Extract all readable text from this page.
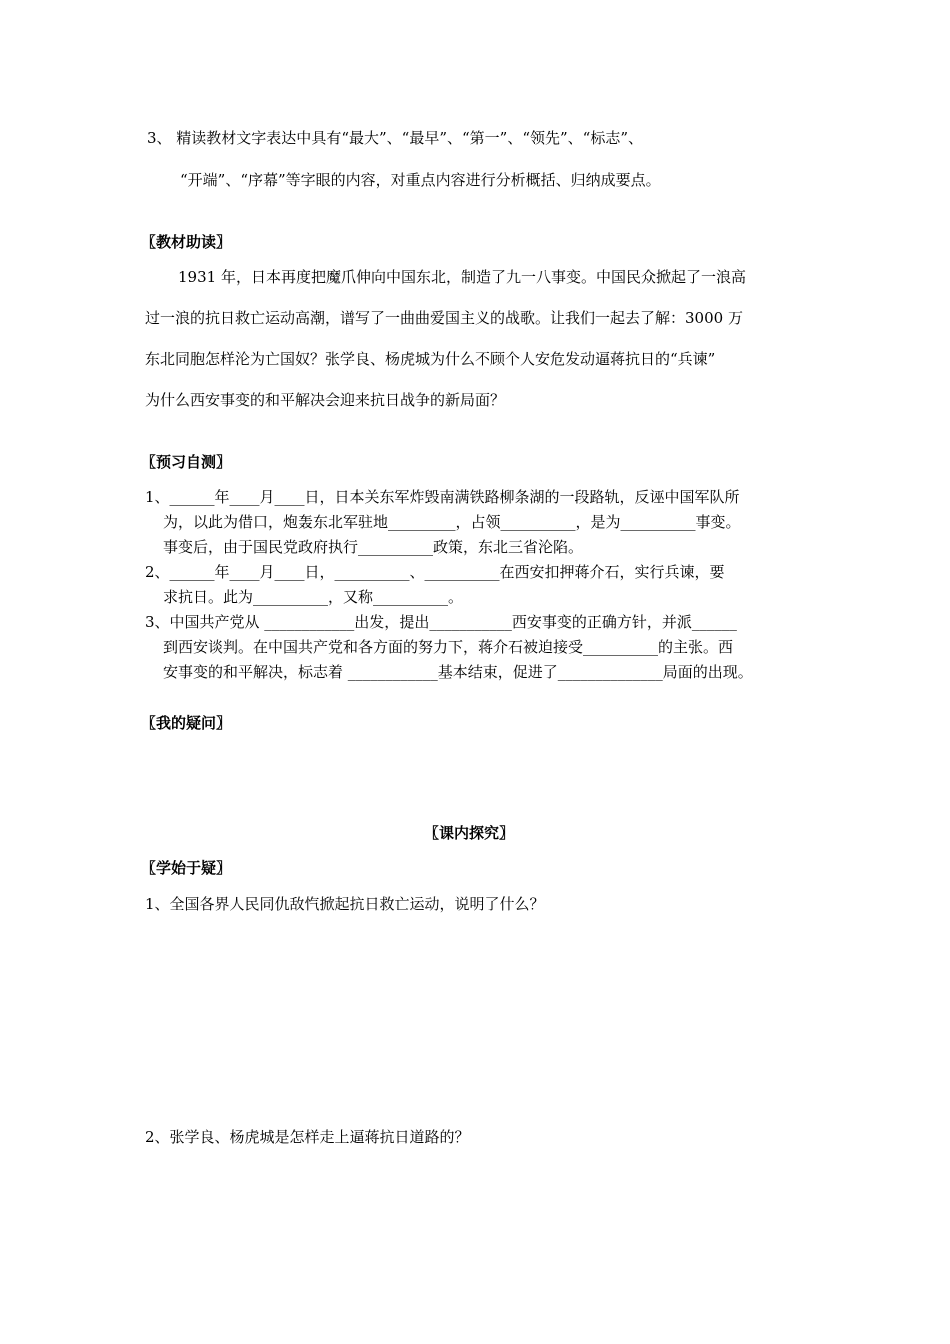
3、 精读教材文字表达中具有“最大”、“最早”、“第一”、“领先”、“标志”、
“开端”、“序幕”等字眼的内容，对重点内容进行分析概括、归纳成要点。
〖教材助读〗
1931 年，日本再度把魔爪伸向中国东北，制造了九一八事变。中国民众掀起了一浪高
过一浪的抗日救亡运动高潮，谱写了一曲曲爱国主义的战歌。让我们一起去了解：3000 万
东北同胞怎样沦为亡国奴？张学良、杨虎城为什么不顾个人安危发动逼蒋抗日的“兵谏”
为什么西安事变的和平解决会迎来抗日战争的新局面？
〖预习自测〗
1、______年____月____日，日本关东军炸毁南满铁路柳条湖的一段路轨，反诬中国军队所
为，以此为借口，炮轰东北军驻地_________，占领__________，是为__________事变。
事变后，由于国民党政府执行__________政策，东北三省沦陷。
2、______年____月____日，__________、__________在西安扣押蒋介石，实行兵谏，要
求抗日。此为__________，又称__________。
3、中国共产党从 ____________出发，提出___________西安事变的正确方针，并派______
到西安谈判。在中国共产党和各方面的努力下，蒋介石被迫接受__________的主张。西
安事变的和平解决，标志着 ____________基本结束，促进了______________局面的出现。
〖我的疑问〗
〖课内探究〗
〖学始于疑〗
1、全国各界人民同仇敌忾掀起抗日救亡运动，说明了什么？
2、张学良、杨虎城是怎样走上逼蒋抗日道路的？
